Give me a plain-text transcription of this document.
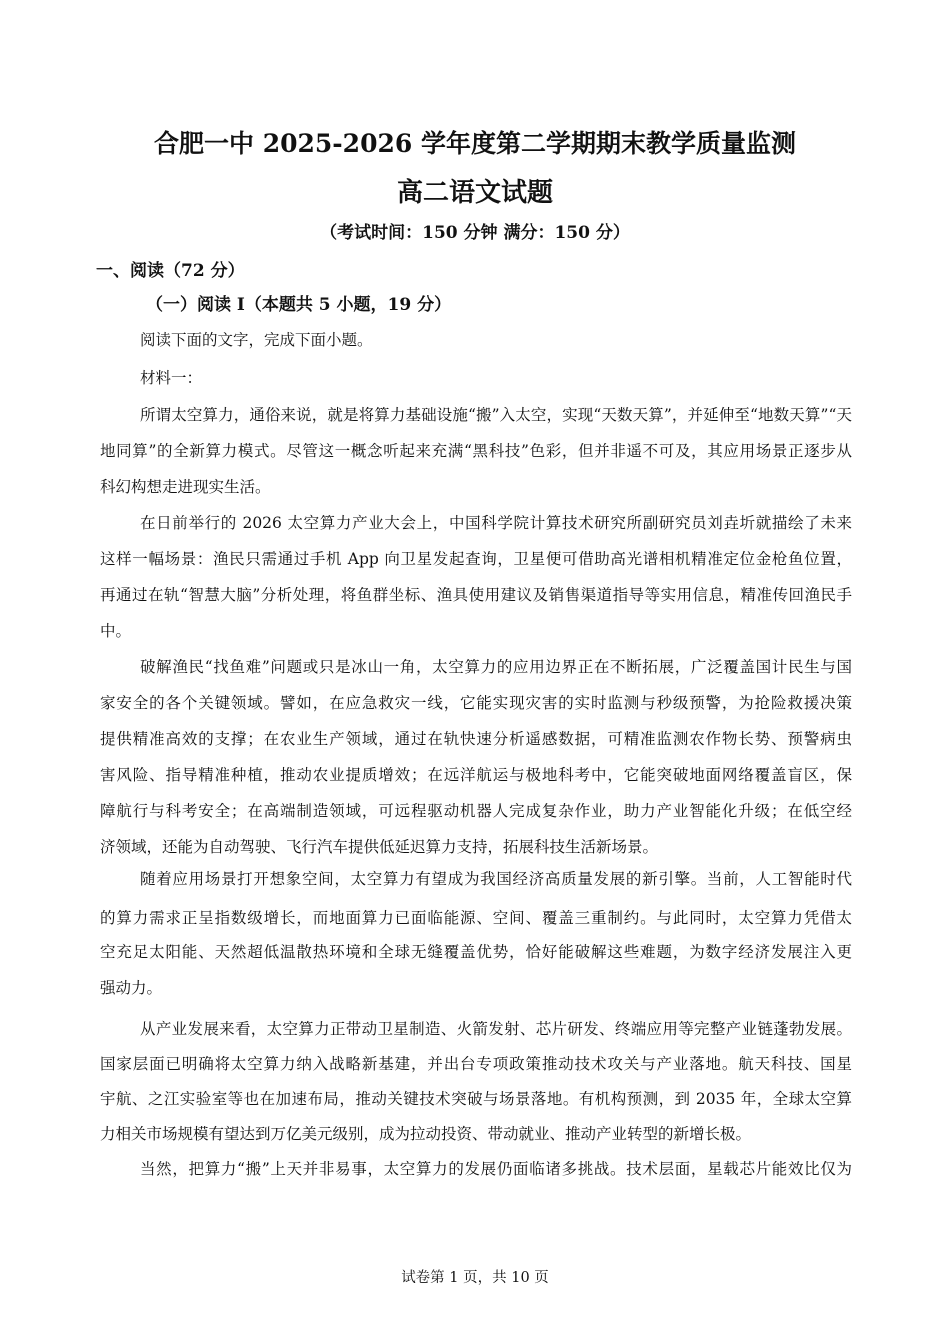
合肥一中 2025-2026 学年度第二学期期末教学质量监测
高二语文试题
（考试时间：150 分钟 满分：150 分）
一、阅读（72 分）
（一）阅读 I（本题共 5 小题，19 分）
阅读下面的文字，完成下面小题。
材料一：
所谓太空算力，通俗来说，就是将算力基础设施“搬”入太空，实现“天数天算”，并延伸至“地数天算”“天
地同算”的全新算力模式。尽管这一概念听起来充满“黑科技”色彩，但并非遥不可及，其应用场景正逐步从
科幻构想走进现实生活。
在日前举行的 2026 太空算力产业大会上，中国科学院计算技术研究所副研究员刘垚圻就描绘了未来
这样一幅场景：渔民只需通过手机 App 向卫星发起查询，卫星便可借助高光谱相机精准定位金枪鱼位置，
再通过在轨“智慧大脑”分析处理，将鱼群坐标、渔具使用建议及销售渠道指导等实用信息，精准传回渔民手
中。
破解渔民“找鱼难”问题或只是冰山一角，太空算力的应用边界正在不断拓展，广泛覆盖国计民生与国
家安全的各个关键领域。譬如，在应急救灾一线，它能实现灾害的实时监测与秒级预警，为抢险救援决策
提供精准高效的支撑；在农业生产领域，通过在轨快速分析遥感数据，可精准监测农作物长势、预警病虫
害风险、指导精准种植，推动农业提质增效；在远洋航运与极地科考中，它能突破地面网络覆盖盲区，保
障航行与科考安全；在高端制造领域，可远程驱动机器人完成复杂作业，助力产业智能化升级；在低空经
济领域，还能为自动驾驶、飞行汽车提供低延迟算力支持，拓展科技生活新场景。
随着应用场景打开想象空间，太空算力有望成为我国经济高质量发展的新引擎。当前，人工智能时代
的算力需求正呈指数级增长，而地面算力已面临能源、空间、覆盖三重制约。与此同时，太空算力凭借太
空充足太阳能、天然超低温散热环境和全球无缝覆盖优势，恰好能破解这些难题，为数字经济发展注入更
强动力。
从产业发展来看，太空算力正带动卫星制造、火箭发射、芯片研发、终端应用等完整产业链蓬勃发展。
国家层面已明确将太空算力纳入战略新基建，并出台专项政策推动技术攻关与产业落地。航天科技、国星
宇航、之江实验室等也在加速布局，推动关键技术突破与场景落地。有机构预测，到 2035 年，全球太空算
力相关市场规模有望达到万亿美元级别，成为拉动投资、带动就业、推动产业转型的新增长极。
当然，把算力“搬”上天并非易事，太空算力的发展仍面临诸多挑战。技术层面，星载芯片能效比仅为
试卷第 1 页，共 10 页
